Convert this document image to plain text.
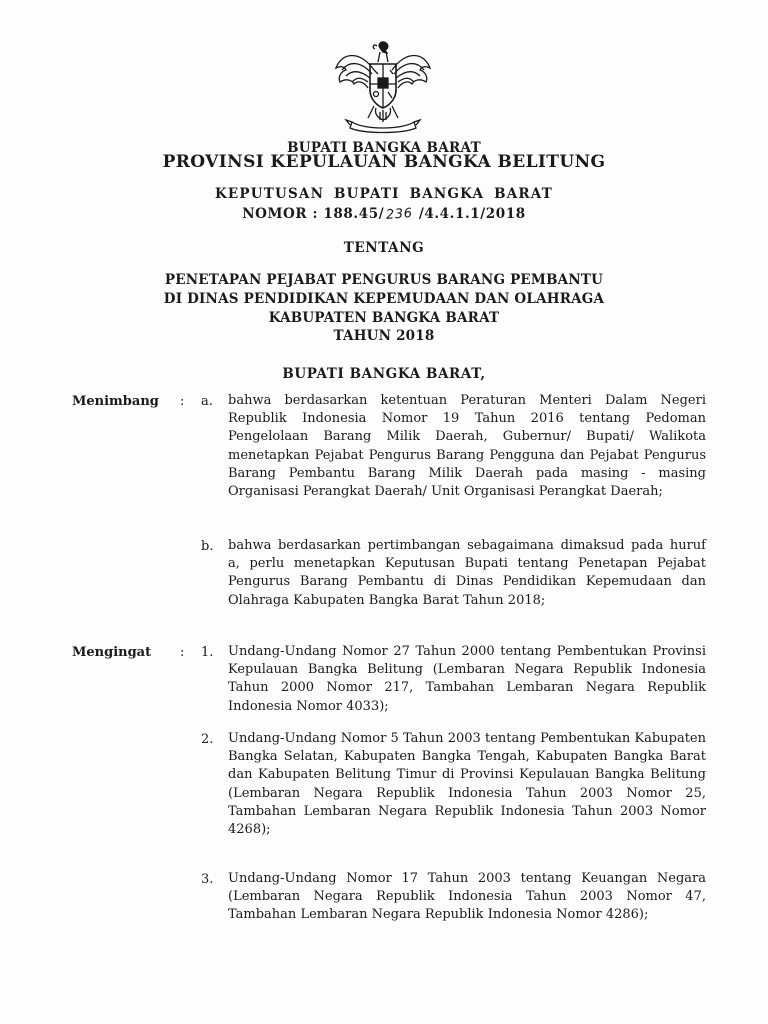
BUPATI BANGKA BARAT
PROVINSI KEPULAUAN BANGKA BELITUNG
KEPUTUSAN BUPATI BANGKA BARAT
NOMOR : 188.45/ 236 /4.4.1.1/2018
TENTANG
PENETAPAN PEJABAT PENGURUS BARANG PEMBANTU
DI DINAS PENDIDIKAN KEPEMUDAAN DAN OLAHRAGA
KABUPATEN BANGKA BARAT
TAHUN 2018
BUPATI BANGKA BARAT,
Menimbang : a. bahwa berdasarkan ketentuan Peraturan Menteri Dalam Negeri Republik Indonesia Nomor 19 Tahun 2016 tentang Pedoman Pengelolaan Barang Milik Daerah, Gubernur/ Bupati/ Walikota menetapkan Pejabat Pengurus Barang Pengguna dan Pejabat Pengurus Barang Pembantu Barang Milik Daerah pada masing - masing Organisasi Perangkat Daerah/ Unit Organisasi Perangkat Daerah;
b. bahwa berdasarkan pertimbangan sebagaimana dimaksud pada huruf a, perlu menetapkan Keputusan Bupati tentang Penetapan Pejabat Pengurus Barang Pembantu di Dinas Pendidikan Kepemudaan dan Olahraga Kabupaten Bangka Barat Tahun 2018;
Mengingat : 1. Undang-Undang Nomor 27 Tahun 2000 tentang Pembentukan Provinsi Kepulauan Bangka Belitung (Lembaran Negara Republik Indonesia Tahun 2000 Nomor 217, Tambahan Lembaran Negara Republik Indonesia Nomor 4033);
2. Undang-Undang Nomor 5 Tahun 2003 tentang Pembentukan Kabupaten Bangka Selatan, Kabupaten Bangka Tengah, Kabupaten Bangka Barat dan Kabupaten Belitung Timur di Provinsi Kepulauan Bangka Belitung (Lembaran Negara Republik Indonesia Tahun 2003 Nomor 25, Tambahan Lembaran Negara Republik Indonesia Tahun 2003 Nomor 4268);
3. Undang-Undang Nomor 17 Tahun 2003 tentang Keuangan Negara (Lembaran Negara Republik Indonesia Tahun 2003 Nomor 47, Tambahan Lembaran Negara Republik Indonesia Nomor 4286);
